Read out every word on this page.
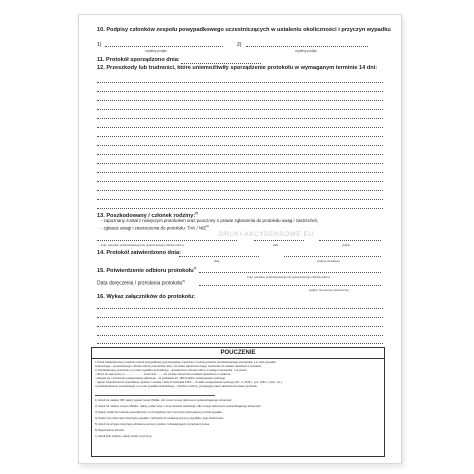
10. Podpisy członków zespołu powypadkowego uczestniczących w ustaleniu okoliczności i przyczyn wypadku
1)	2)
czytelny podpis	czytelny podpis
11. Protokół sporządzono dnia:
12. Przeszkody lub trudności, które uniemożliwiły sporządzenie protokołu w wymaganym terminie 14 dni:
13. Poszkodowany / członek rodziny:$^{6)}$
- zapoznany został z niniejszym protokołem oraz pouczony o prawie zgłoszenia do protokołu uwag i zastrzeżeń,
- zgłasza uwagi i zastrzeżenia do protokołu: TAK / NIE$^{6)}$
DRUKI-AKCYDENSOWE.EU
imię i nazwisko poszkodowanego lub upoważnionego członka rodziny	data	podpis
14. Protokół zatwierdzono dnia:
data	podpis pracodawcy
15. Potwierdzenie odbioru protokołu$^{7)}$
imię i nazwisko poszkodowanego lub upoważnionego członka rodziny
Data doręczenia / przesłania protokołu$^{6)}$
podpis / lub pieczęć pełnomocnej
16. Wykaz załączników do protokołu:
POUCZENIE
I. Przed zatwierdzeniem protokołu zespół powypadkowy jest obowiązany zapoznać z treścią protokołu poszkodowanego pracownika, a w razie wypadku
śmiertelnego - upoważnionego członka rodziny pracownika, który ma prawo zgłoszenia uwag i zastrzeżeń do ustaleń zawartych w protokole.
II. Poszkodowany pracownik, a w razie wypadku śmiertelnego - upoważniony członek rodziny zmarłego pracownika - ma prawo:
- złożyć do sądu pracy w ........................ w terminie ........ dni od daty doręczenia protokołu powództwo o ustalenie,
- ubiegać się o wszczęcie postępowania sądowego - na podstawie art. 189 Kodeksu postępowania cywilnego,
- zgłosić zastrzeżenia do pracodawcy zgodnie z ustawą z dnia 17 listopada 1964 r. - Kodeks postępowania cywilnego (Dz. U. 2018 r., poz. 1360, z późn. zm.),
i poszkodowanemu pracownikowi, a w razie wypadku śmiertelnego - członkom rodziny, przysługuje prawo zaskarżenia ustaleń protokołu.
1) Jeżeli nie nadano NIP, należy wpisać numer PESEL, lub numer innego dokumentu potwierdzającego tożsamość.
2) Jeżeli nie nadano numeru PESEL, należy podać serię i numer dowodu osobistego, albo innego dokumentu potwierdzającego tożsamość.
3) Należy podać kod zawodu (specjalności), a szczegółowy opis czynności wykonywanej w chwili wypadku.
4) Podać inne informacje dotyczące wypadku, niezbędne do ustalenia przyczyn wypadku i jego okoliczności.
5) Jeżeli nie przyjęto dotyczące udzielenia pomocy zgodnie z obowiązującymi przepisami prawa.
6) Niepotrzebne skreślić.
7) Jeżeli brak podpisu, należy podać przyczynę.
